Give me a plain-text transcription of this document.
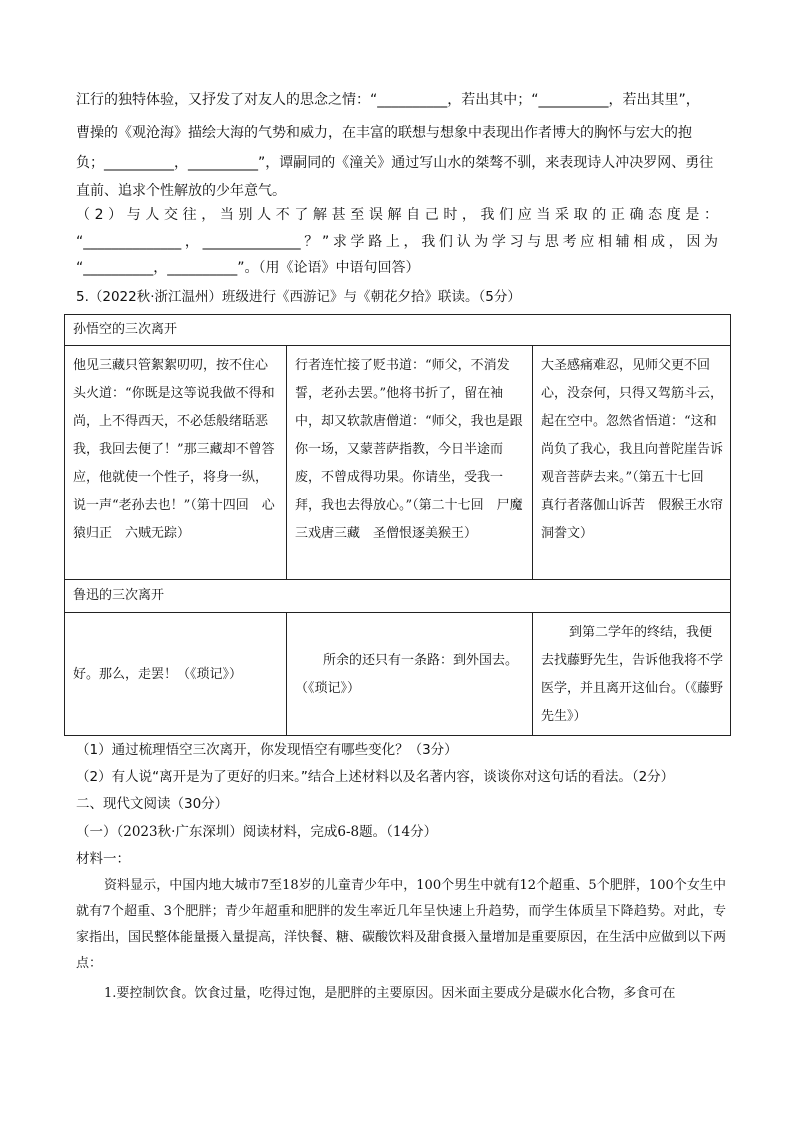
江行的独特体验，又抒发了对友人的思念之情：“__________，若出其中；“__________，若出其里”，
曹操的《观沧海》描绘大海的气势和威力，在丰富的联想与想象中表现出作者博大的胸怀与宏大的抱
负；__________，__________”，谭嗣同的《潼关》通过写山水的桀骜不驯，来表现诗人冲决罗网、勇往
直前、追求个性解放的少年意气。
（2）与人交往，当别人不了解甚至误解自己时，我们应当采取的正确态度是：
“______________，______________？”求学路上，我们认为学习与思考应相辅相成，因为
“__________，__________”。（用《论语》中语句回答）
5.（2022秋·浙江温州）班级进行《西游记》与《朝花夕拾》联读。（5分）
孙悟空的三次离开		

他见三藏只管絮絮叨叨，按不住心头火道：“你既是这等说我做不得和尚，上不得西天，不必恁般绪聒恶我，我回去便了！”那三藏却不曾答应，他就使一个性子，将身一纵，说一声“老孙去也！”（第十四回　心猿归正　六贼无踪）	行者连忙接了贬书道：“师父，不消发誓，老孙去罢。”他将书折了，留在袖中，却又软款唐僧道：“师父，我也是跟你一场，又蒙菩萨指教，今日半途而废，不曾成得功果。你请坐，受我一拜，我也去得放心。”（第二十七回　尸魔三戏唐三藏　圣僧恨逐美猴王）	大圣感痛难忍，见师父更不回心，没奈何，只得又驾筋斗云，起在空中。忽然省悟道：“这和尚负了我心，我且向普陀崖告诉观音菩萨去来。”（第五十七回　真行者落伽山诉苦　假猴王水帘洞誊文）

鲁迅的三次离开		

好。那么，走罢！（《琐记》）	所余的还只有一条路：到外国去。（《琐记》）	到第二学年的终结，我便去找藤野先生，告诉他我将不学医学，并且离开这仙台。（《藤野先生》）
（1）通过梳理悟空三次离开，你发现悟空有哪些变化？（3分）
（2）有人说“离开是为了更好的归来。”结合上述材料以及名著内容，谈谈你对这句话的看法。（2分）
二、现代文阅读（30分）
（一）（2023秋·广东深圳）阅读材料，完成6-8题。（14分）
材料一：
资料显示，中国内地大城市7至18岁的儿童青少年中，100个男生中就有12个超重、5个肥胖，100个女生中就有7个超重、3个肥胖；青少年超重和肥胖的发生率近几年呈快速上升趋势，而学生体质呈下降趋势。对此，专家指出，国民整体能量摄入量提高，洋快餐、糖、碳酸饮料及甜食摄入量增加是重要原因，在生活中应做到以下两点：
1.要控制饮食。饮食过量，吃得过饱，是肥胖的主要原因。因米面主要成分是碳水化合物，多食可在
